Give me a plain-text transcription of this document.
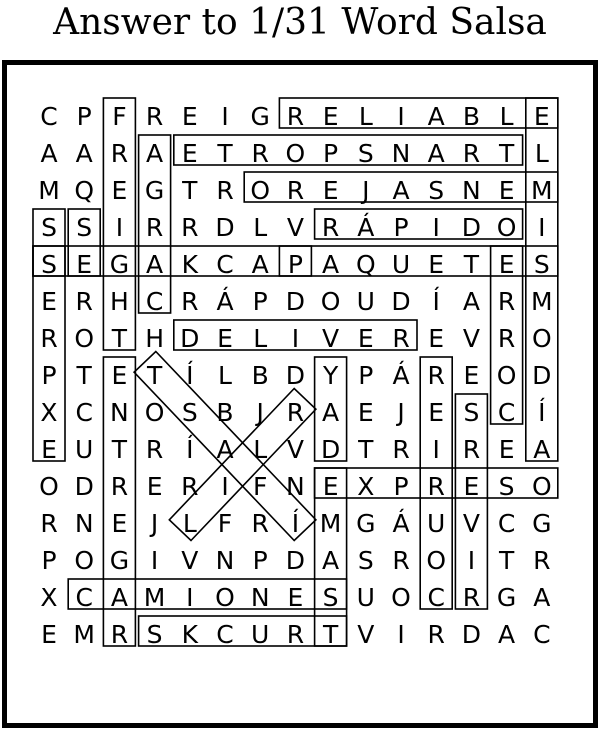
Answer to 1/31 Word Salsa
C P F R E I G R E L I A B L E
A A R A E T R O P S N A R T L
M Q E G T R O R E J A S N E M
S S I R R D L V R Á P I D O I
S E G A K C A P A Q U E T E S
E R H C R Á P D O U D Í A R M
R O T H D E L I V E R E V R O
P T E T Í L B D Y P Á R E O D
X C N O S B J R A E J E S C Í
E U T R Í A L V D T R I R E A
O D R E R I F N E X P R E S O
R N E J L F R Í M G Á U V C G
P O G I V N P D A S R O I T R
X C A M I O N E S U O C R G A
E M R S K C U R T V I R D A C
